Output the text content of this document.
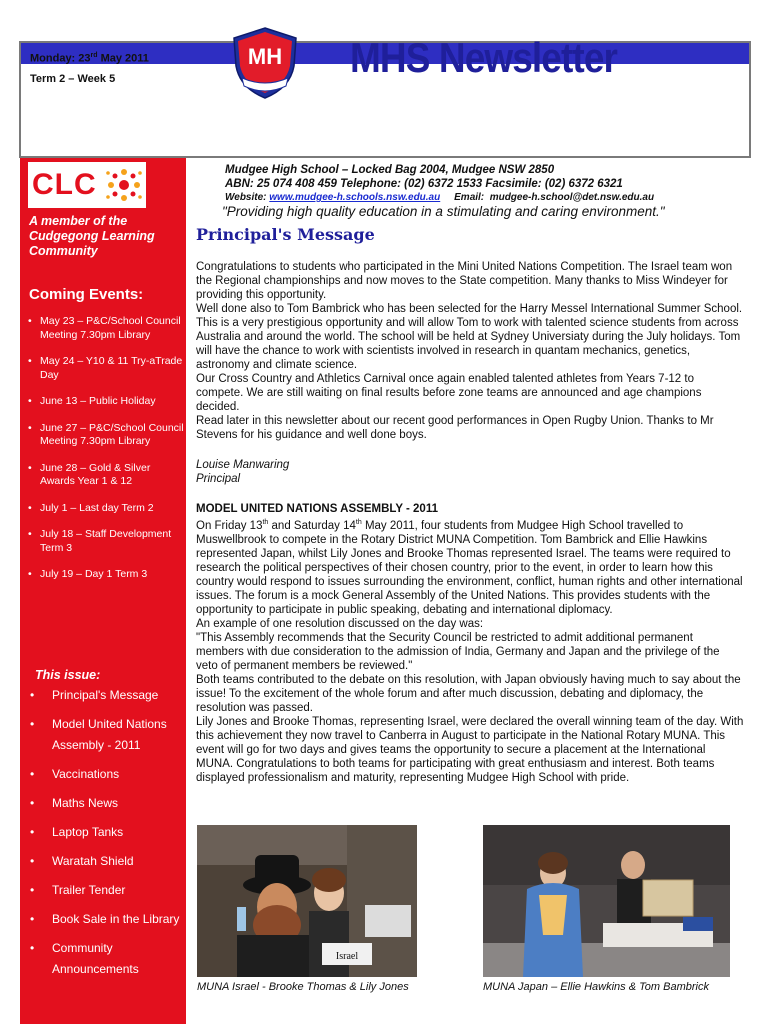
Monday: 23rd May 2011
Term 2 – Week 5
MH MHS Newsletter
CLC
A member of the Cudgegong Learning Community
Coming Events:
• May 23 – P&C/School Council Meeting 7.30pm Library
• May 24 – Y10 & 11 Try-aTrade Day
• June 13 – Public Holiday
• June 27 – P&C/School Council Meeting 7.30pm Library
• June 28 – Gold & Silver Awards Year 1 & 12
• July 1 – Last day Term 2
• July 18 – Staff Development Term 3
• July 19 – Day 1 Term 3
This issue:
• Principal's Message
• Model United Nations Assembly - 2011
• Vaccinations
• Maths News
• Laptop Tanks
• Waratah Shield
• Trailer Tender
• Book Sale in the Library
• Community Announcements
Mudgee High School – Locked Bag 2004, Mudgee NSW 2850
ABN: 25 074 408 459 Telephone: (02) 6372 1533 Facsimile: (02) 6372 6321
Website: www.mudgee-h.schools.nsw.edu.au     Email:  mudgee-h.school@det.nsw.edu.au
"Providing high quality education in a stimulating and caring environment."
Principal's Message
Congratulations to students who participated in the Mini United Nations Competition. The Israel team won the Regional championships and now moves to the State competition. Many thanks to Miss Windeyer for providing this opportunity.
Well done also to Tom Bambrick who has been selected for the Harry Messel International Summer School. This is a very prestigious opportunity and will allow Tom to work with talented science students from across Australia and around the world. The school will be held at Sydney Universiaty during the July holidays. Tom will have the chance to work with scientists involved in research in quantam mechanics, genetics, astronomy and climate science.
Our Cross Country and Athletics Carnival once again enabled talented athletes from Years 7-12 to compete. We are still waiting on final results before zone teams are announced and age champions decided.
Read later in this newsletter about our recent good performances in Open Rugby Union. Thanks to Mr Stevens for his guidance and well done boys.
Louise Manwaring
Principal
MODEL UNITED NATIONS ASSEMBLY - 2011
On Friday 13th and Saturday 14th May 2011, four students from Mudgee High School travelled to Muswellbrook to compete in the Rotary District MUNA Competition. Tom Bambrick and Ellie Hawkins represented Japan, whilst Lily Jones and Brooke Thomas represented Israel. The teams were required to research the political perspectives of their chosen country, prior to the event, in order to learn how this country would respond to issues surrounding the environment, conflict, human rights and other international issues. The forum is a mock General Assembly of the United Nations. This provides students with the opportunity to participate in public speaking, debating and international diplomacy.
An example of one resolution discussed on the day was:
"This Assembly recommends that the Security Council be restricted to admit additional permanent members with due consideration to the admission of India, Germany and Japan and the privilege of the veto of permanent members be reviewed."
Both teams contributed to the debate on this resolution, with Japan obviously having much to say about the issue! To the excitement of the whole forum and after much discussion, debating and diplomacy, the resolution was passed.
Lily Jones and Brooke Thomas, representing Israel, were declared the overall winning team of the day. With this achievement they now travel to Canberra in August to participate in the National Rotary MUNA. This event will go for two days and gives teams the opportunity to secure a placement at the International MUNA. Congratulations to both teams for participating with great enthusiasm and interest. Both teams displayed professionalism and maturity, representing Mudgee High School with pride.
Israel
MUNA Israel - Brooke Thomas & Lily Jones	MUNA Japan – Ellie Hawkins & Tom Bambrick
